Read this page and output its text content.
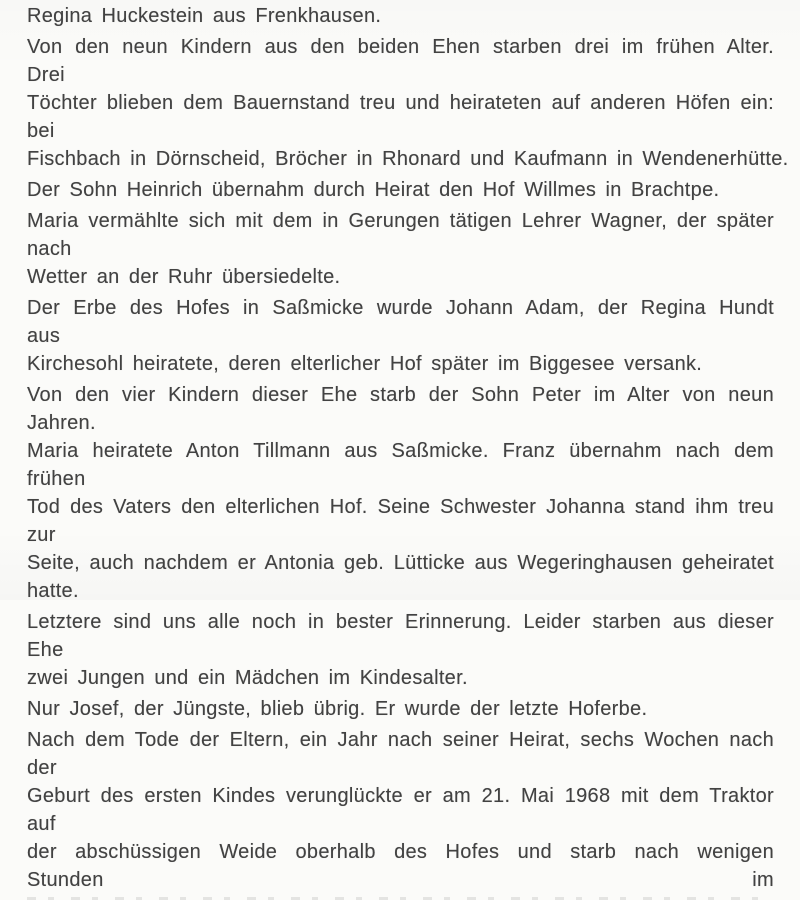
Regina Huckestein aus Frenkhausen.
Von den neun Kindern aus den beiden Ehen starben drei im frühen Alter. Drei
Töchter blieben dem Bauernstand treu und heirateten auf anderen Höfen ein: bei
Fischbach in Dörnscheid, Bröcher in Rhonard und Kaufmann in Wendenerhütte.
Der Sohn Heinrich übernahm durch Heirat den Hof Willmes in Brachtpe.
Maria vermählte sich mit dem in Gerungen tätigen Lehrer Wagner, der später nach
Wetter an der Ruhr übersiedelte.
Der Erbe des Hofes in Saßmicke wurde Johann Adam, der Regina Hundt aus
Kirchesohl heiratete, deren elterlicher Hof später im Biggesee versank.
Von den vier Kindern dieser Ehe starb der Sohn Peter im Alter von neun Jahren.
Maria heiratete Anton Tillmann aus Saßmicke. Franz übernahm nach dem frühen
Tod des Vaters den elterlichen Hof. Seine Schwester Johanna stand ihm treu zur
Seite, auch nachdem er Antonia geb. Lütticke aus Wegeringhausen geheiratet
hatte.
Letztere sind uns alle noch in bester Erinnerung. Leider starben aus dieser Ehe
zwei Jungen und ein Mädchen im Kindesalter.
Nur Josef, der Jüngste, blieb übrig. Er wurde der letzte Hoferbe.
Nach dem Tode der Eltern, ein Jahr nach seiner Heirat, sechs Wochen nach der
Geburt des ersten Kindes verunglückte er am 21. Mai 1968 mit dem Traktor auf
der abschüssigen Weide oberhalb des Hofes und starb nach wenigen Stunden im
